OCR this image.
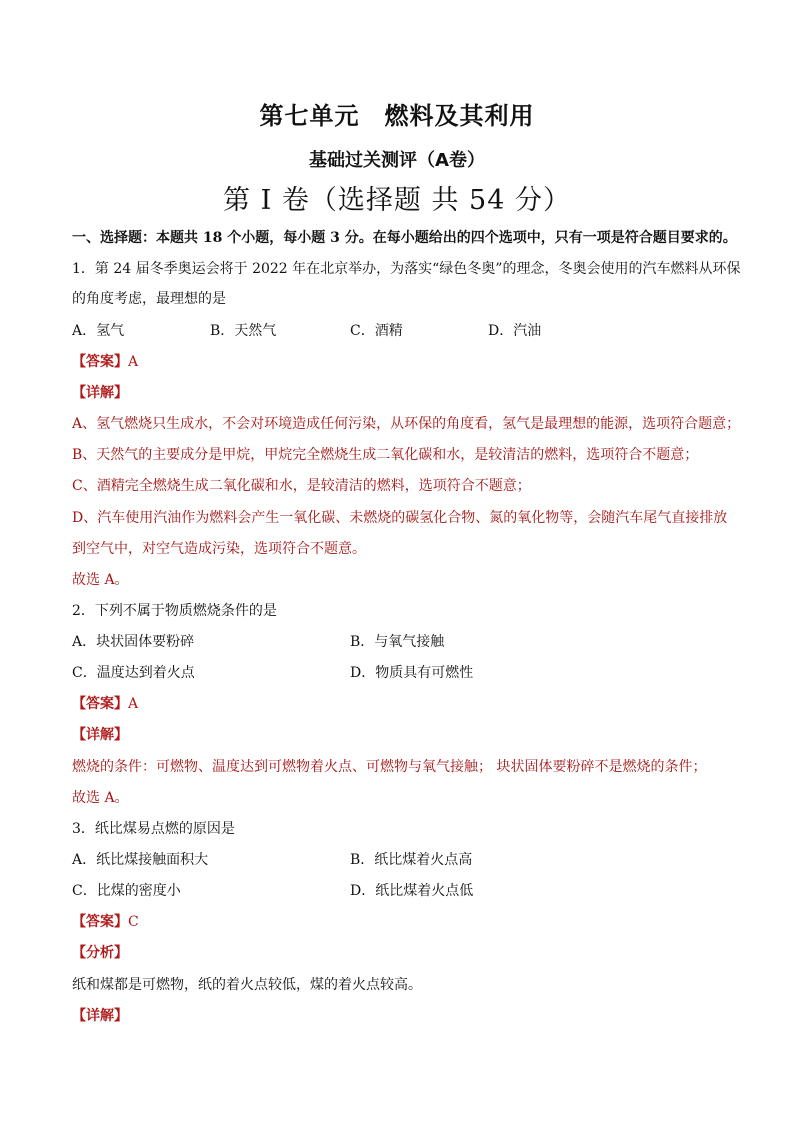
第七单元　燃料及其利用
基础过关测评（A卷）
第 I 卷（选择题 共 54 分）
一、选择题：本题共 18 个小题，每小题 3 分。在每小题给出的四个选项中，只有一项是符合题目要求的。
1．第 24 届冬季奥运会将于 2022 年在北京举办，为落实“绿色冬奥”的理念，冬奥会使用的汽车燃料从环保
的角度考虑，最理想的是
A．氢气	B．天然气	C．酒精	D．汽油
【答案】A
【详解】
A、氢气燃烧只生成水，不会对环境造成任何污染，从环保的角度看，氢气是最理想的能源，选项符合题意；
B、天然气的主要成分是甲烷，甲烷完全燃烧生成二氧化碳和水，是较清洁的燃料，选项符合不题意；
C、酒精完全燃烧生成二氧化碳和水，是较清洁的燃料，选项符合不题意；
D、汽车使用汽油作为燃料会产生一氧化碳、未燃烧的碳氢化合物、氮的氧化物等，会随汽车尾气直接排放
到空气中，对空气造成污染，选项符合不题意。
故选 A。
2．下列不属于物质燃烧条件的是
A．块状固体要粉碎	B．与氧气接触
C．温度达到着火点	D．物质具有可燃性
【答案】A
【详解】
燃烧的条件：可燃物、温度达到可燃物着火点、可燃物与氧气接触； 块状固体要粉碎不是燃烧的条件；
故选 A。
3．纸比煤易点燃的原因是
A．纸比煤接触面积大	B．纸比煤着火点高
C．比煤的密度小	D．纸比煤着火点低
【答案】C
【分析】
纸和煤都是可燃物，纸的着火点较低，煤的着火点较高。
【详解】
